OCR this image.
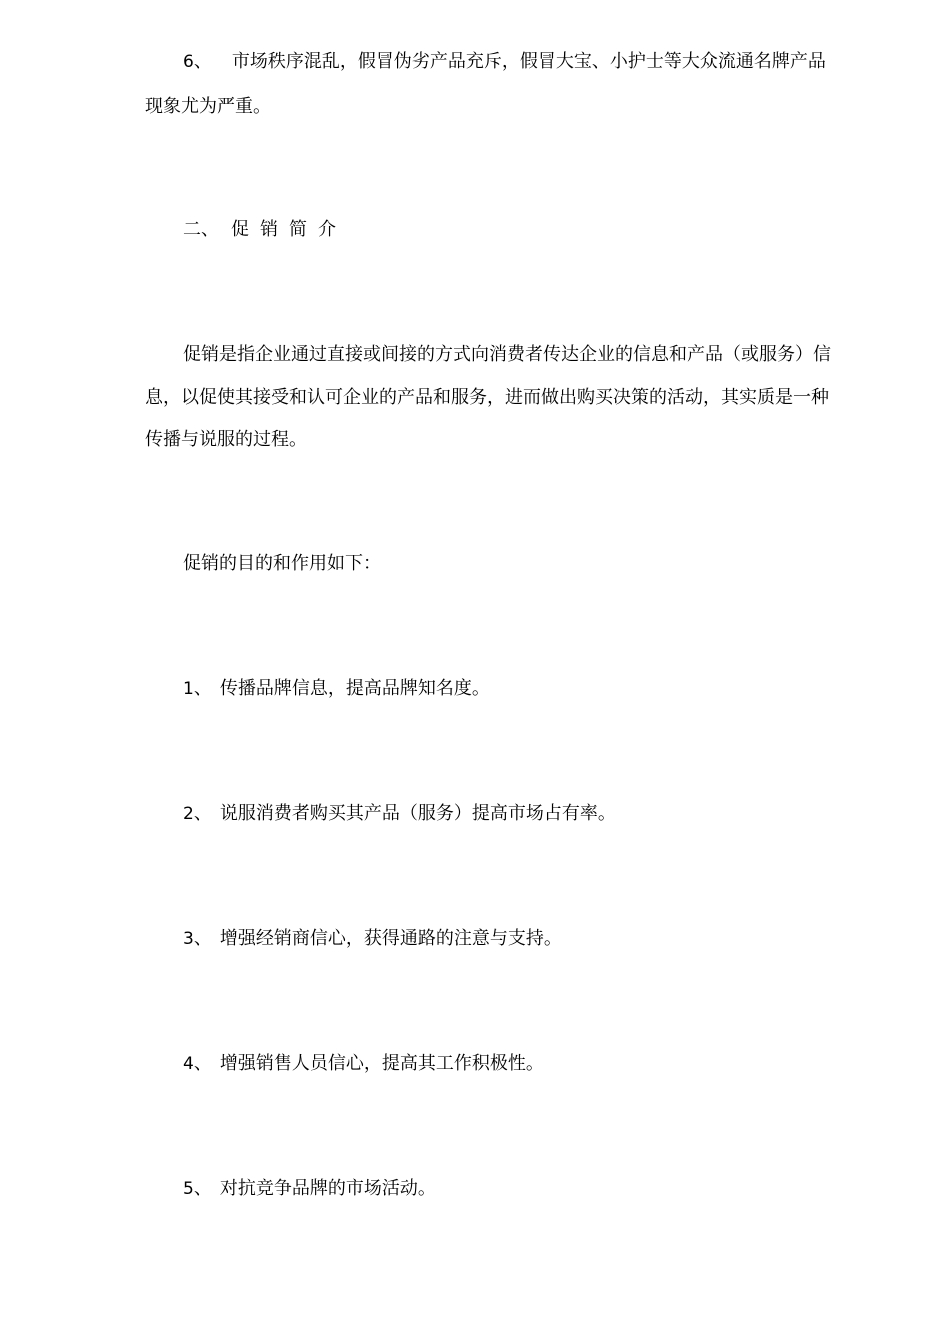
6、 市场秩序混乱，假冒伪劣产品充斥，假冒大宝、小护士等大众流通名牌产品
现象尤为严重。
二、 促销简介
促销是指企业通过直接或间接的方式向消费者传达企业的信息和产品（或服务）信
息，以促使其接受和认可企业的产品和服务，进而做出购买决策的活动，其实质是一种
传播与说服的过程。
促销的目的和作用如下：
1、 传播品牌信息，提高品牌知名度。
2、 说服消费者购买其产品（服务）提高市场占有率。
3、 增强经销商信心，获得通路的注意与支持。
4、 增强销售人员信心，提高其工作积极性。
5、 对抗竞争品牌的市场活动。
